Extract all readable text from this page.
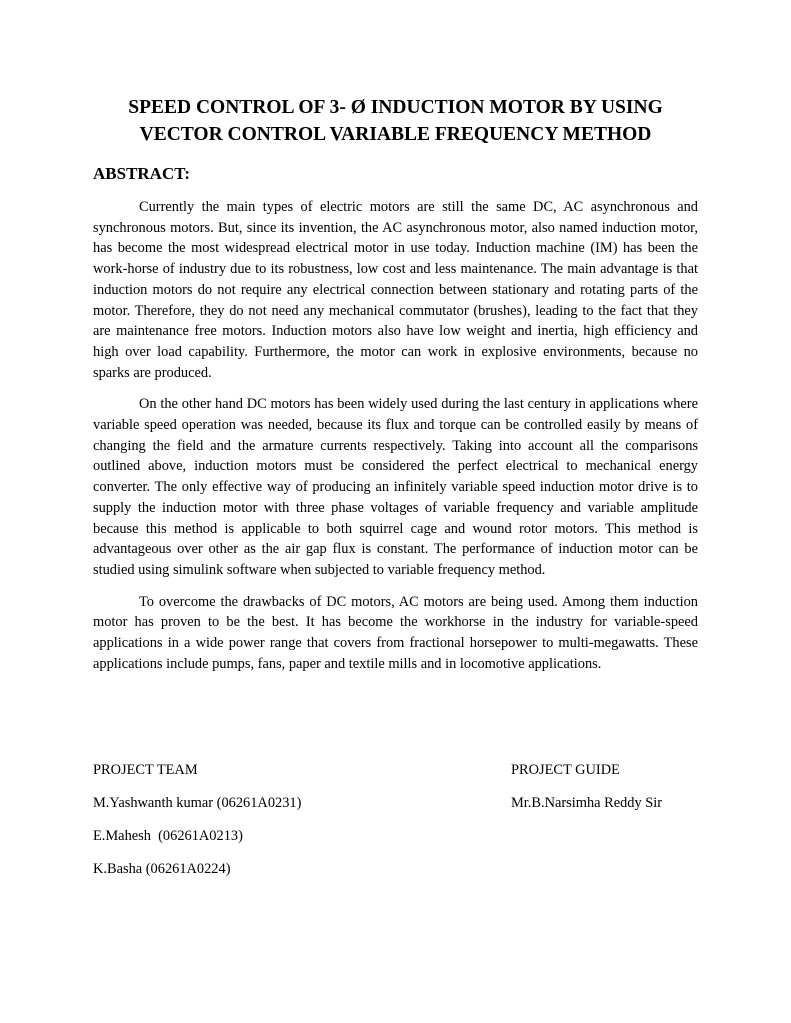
SPEED CONTROL OF 3- Ø INDUCTION MOTOR BY USING VECTOR CONTROL VARIABLE FREQUENCY METHOD
ABSTRACT:

Currently the main types of electric motors are still the same DC, AC asynchronous and synchronous motors. But, since its invention, the AC asynchronous motor, also named induction motor, has become the most widespread electrical motor in use today. Induction machine (IM) has been the work-horse of industry due to its robustness, low cost and less maintenance. The main advantage is that induction motors do not require any electrical connection between stationary and rotating parts of the motor. Therefore, they do not need any mechanical commutator (brushes), leading to the fact that they are maintenance free motors. Induction motors also have low weight and inertia, high efficiency and high over load capability. Furthermore, the motor can work in explosive environments, because no sparks are produced.

On the other hand DC motors has been widely used during the last century in applications where variable speed operation was needed, because its flux and torque can be controlled easily by means of changing the field and the armature currents respectively. Taking into account all the comparisons outlined above, induction motors must be considered the perfect electrical to mechanical energy converter. The only effective way of producing an infinitely variable speed induction motor drive is to supply the induction motor with three phase voltages of variable frequency and variable amplitude because this method is applicable to both squirrel cage and wound rotor motors. This method is advantageous over other as the air gap flux is constant. The performance of induction motor can be studied using simulink software when subjected to variable frequency method.

To overcome the drawbacks of DC motors, AC motors are being used. Among them induction motor has proven to be the best. It has become the workhorse in the industry for variable-speed applications in a wide power range that covers from fractional horsepower to multi-megawatts. These applications include pumps, fans, paper and textile mills and in locomotive applications.

PROJECT TEAM
M.Yashwanth kumar (06261A0231)
E.Mahesh  (06261A0213)
K.Basha (06261A0224)
PROJECT GUIDE
Mr.B.Narsimha Reddy Sir
